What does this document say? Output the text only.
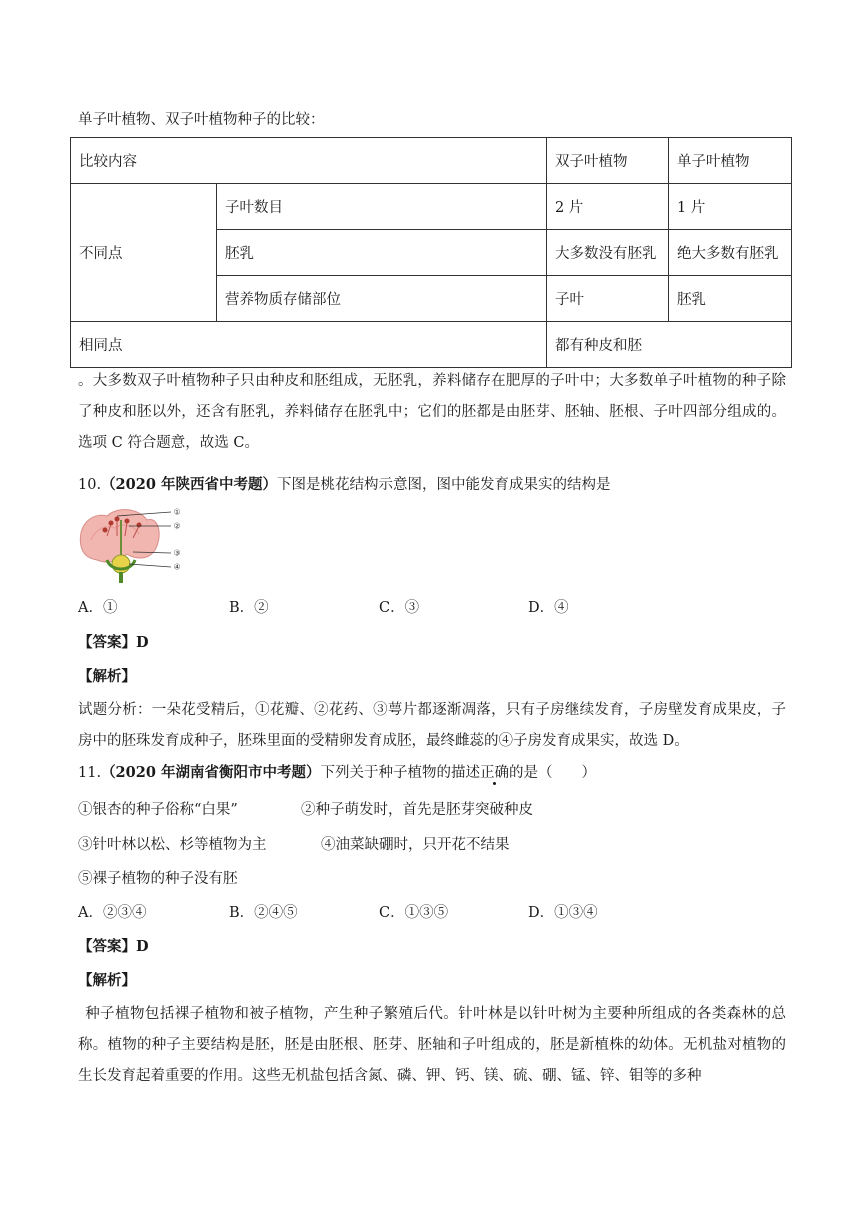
单子叶植物、双子叶植物种子的比较：
比较内容		双子叶植物	单子叶植物
不同点	子叶数目	2 片	1 片
	胚乳	大多数没有胚乳	绝大多数有胚乳
	营养物质存储部位	子叶	胚乳
相同点		都有种皮和胚	
。大多数双子叶植物种子只由种皮和胚组成，无胚乳，养料储存在肥厚的子叶中；大多数单子叶植物的种子除了种皮和胚以外，还含有胚乳，养料储存在胚乳中；它们的胚都是由胚芽、胚轴、胚根、子叶四部分组成的。选项 C 符合题意，故选 C。
10.（2020 年陕西省中考题）下图是桃花结构示意图，图中能发育成果实的结构是
①
②
③
④
A．①	B．②	C．③	D．④
【答案】D
【解析】
试题分析：一朵花受精后，①花瓣、②花药、③萼片都逐渐凋落，只有子房继续发育，子房壁发育成果皮，子房中的胚珠发育成种子，胚珠里面的受精卵发育成胚，最终雌蕊的④子房发育成果实，故选 D。
11.（2020 年湖南省衡阳市中考题）下列关于种子植物的描述正确的是（　　）
①银杏的种子俗称“白果”	②种子萌发时，首先是胚芽突破种皮
③针叶林以松、杉等植物为主	④油菜缺硼时，只开花不结果
⑤裸子植物的种子没有胚
A．②③④	B．②④⑤	C．①③⑤	D．①③④
【答案】D
【解析】
种子植物包括裸子植物和被子植物，产生种子繁殖后代。针叶林是以针叶树为主要种所组成的各类森林的总称。植物的种子主要结构是胚，胚是由胚根、胚芽、胚轴和子叶组成的，胚是新植株的幼体。无机盐对植物的生长发育起着重要的作用。这些无机盐包括含氮、磷、钾、钙、镁、硫、硼、锰、锌、钼等的多种
